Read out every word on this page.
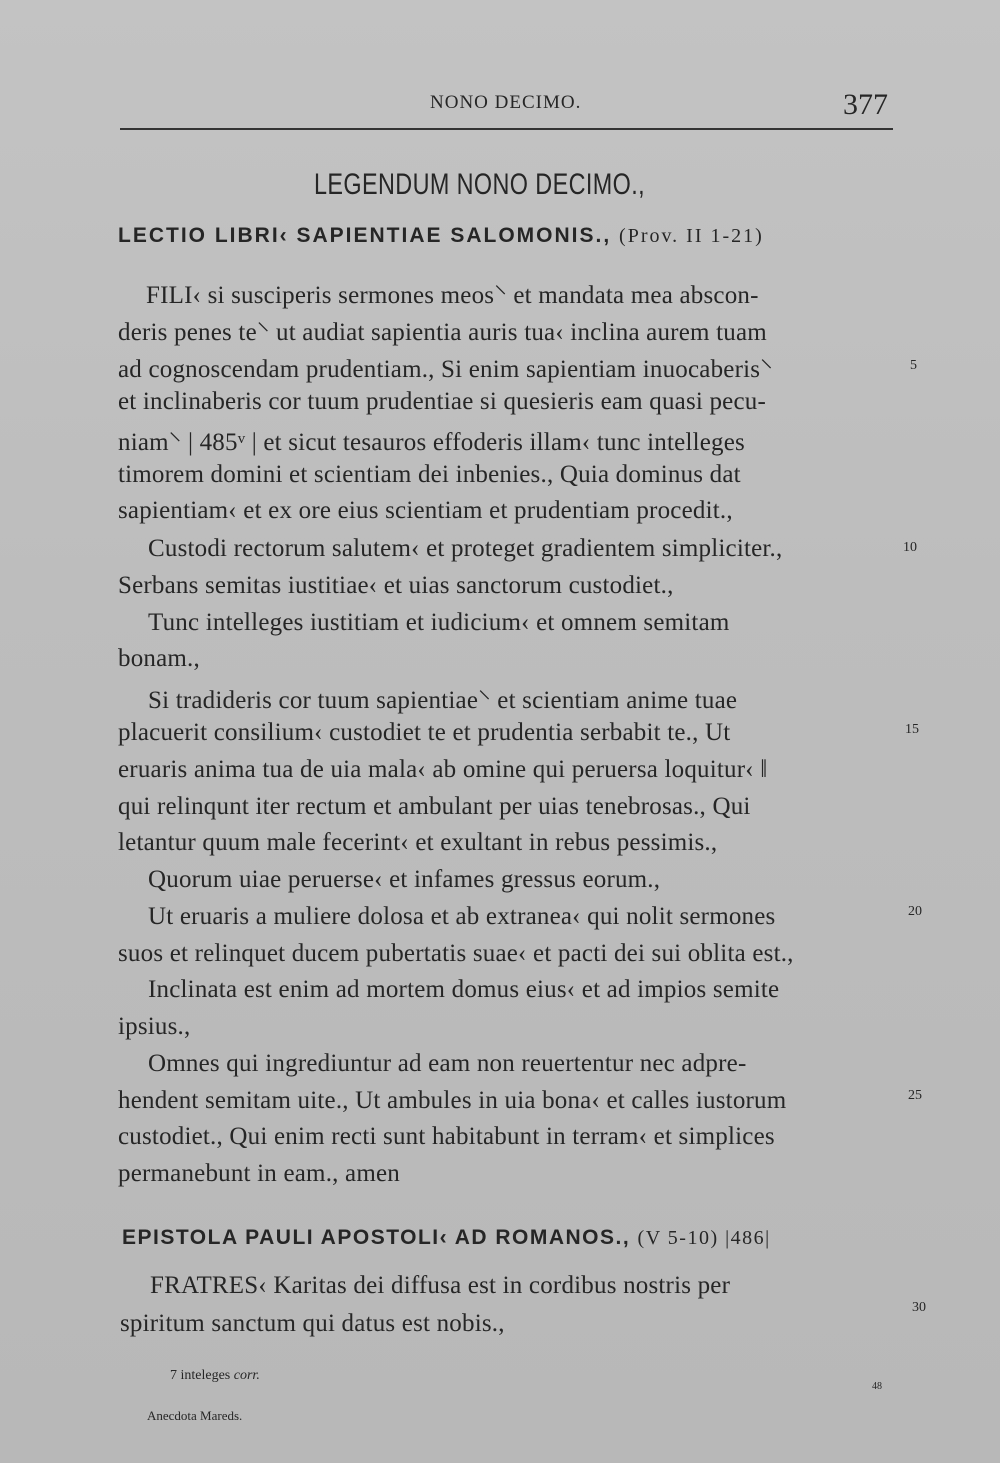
NONO DECIMO.	377
LEGENDUM NONO DECIMO.,
LECTIO LIBRI‹ SAPIENTIAE SALOMONIS., (Prov. II 1-21)
FILI‹ si susciperis sermones meos⸌ et mandata mea abscon-
deris penes te⸌ ut audiat sapientia auris tua‹ inclina aurem tuam
ad cognoscendam prudentiam., Si enim sapientiam inuocaberis⸌
et inclinaberis cor tuum prudentiae si quesieris eam quasi pecu-
niam⸌ | 485ᵛ | et sicut tesauros effoderis illam‹ tunc intelleges
timorem domini et scientiam dei inbenies., Quia dominus dat
sapientiam‹ et ex ore eius scientiam et prudentiam procedit.,
Custodi rectorum salutem‹ et proteget gradientem simpliciter.,
Serbans semitas iustitiae‹ et uias sanctorum custodiet.,
Tunc intelleges iustitiam et iudicium‹ et omnem semitam
bonam.,
Si tradideris cor tuum sapientiae⸌ et scientiam anime tuae
placuerit consilium‹ custodiet te et prudentia serbabit te., Ut
eruaris anima tua de uia mala‹ ab omine qui peruersa loquitur‹ ‖
qui relinqunt iter rectum et ambulant per uias tenebrosas., Qui
letantur quum male fecerint‹ et exultant in rebus pessimis.,
Quorum uiae peruerse‹ et infames gressus eorum.,
Ut eruaris a muliere dolosa et ab extranea‹ qui nolit sermones
suos et relinquet ducem pubertatis suae‹ et pacti dei sui oblita est.,
Inclinata est enim ad mortem domus eius‹ et ad impios semite
ipsius.,
Omnes qui ingrediuntur ad eam non reuertentur nec adpre-
hendent semitam uite., Ut ambules in uia bona‹ et calles iustorum
custodiet., Qui enim recti sunt habitabunt in terram‹ et simplices
permanebunt in eam., amen
5
10
15
20
25
30
EPISTOLA PAULI APOSTOLI‹ AD ROMANOS., (V 5-10) |486|
FRATRES‹ Karitas dei diffusa est in cordibus nostris per
spiritum sanctum qui datus est nobis.,
7 inteleges corr.
Anecdota Mareds.
48
